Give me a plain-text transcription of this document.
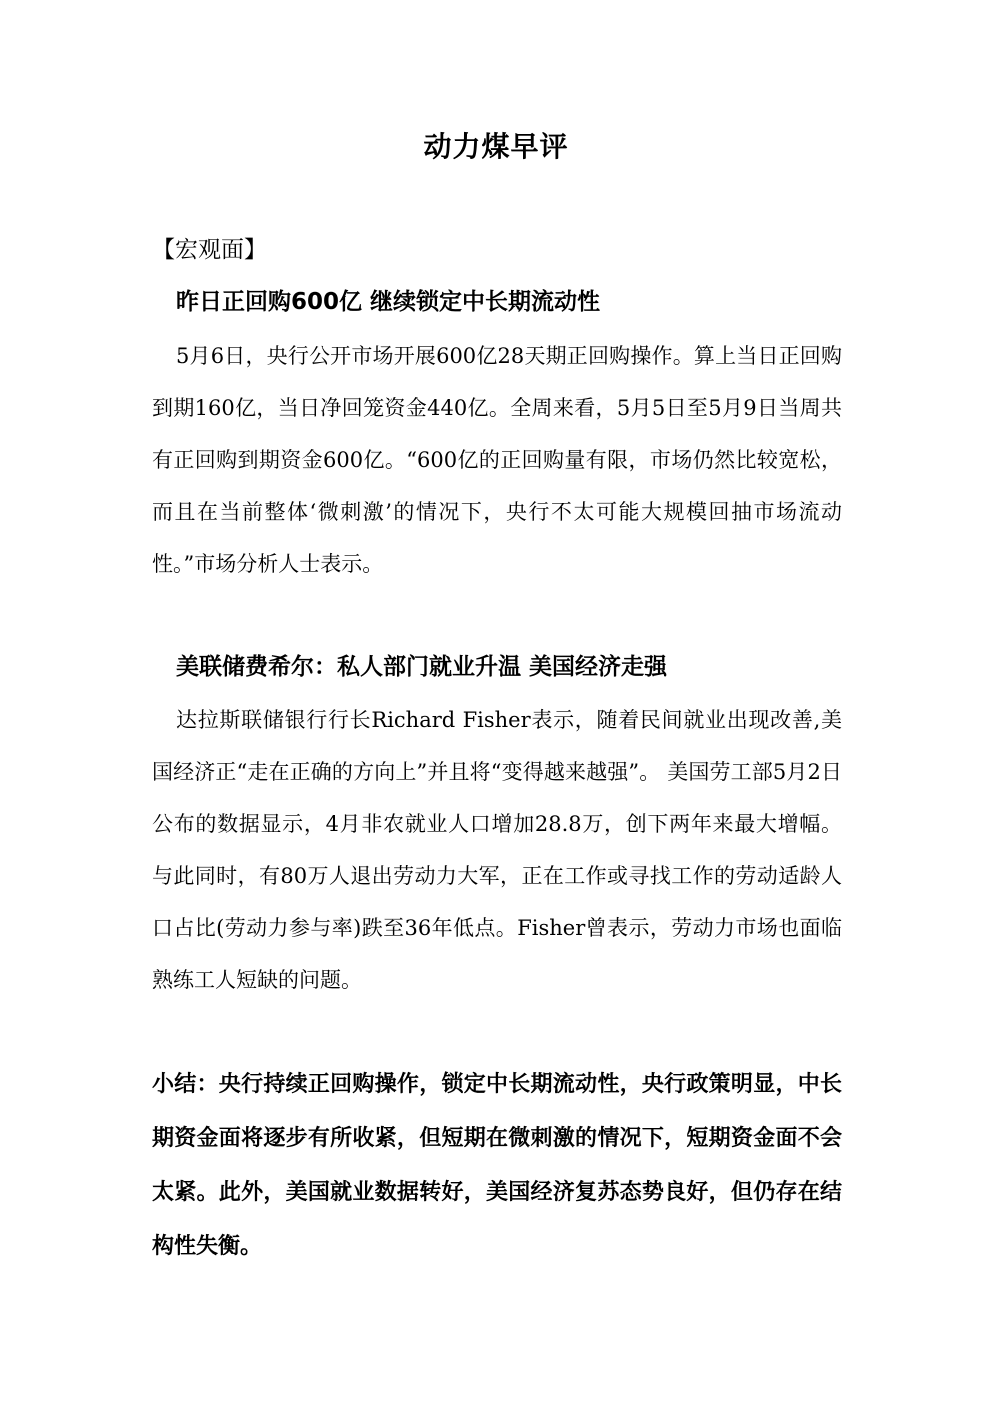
动力煤早评
【宏观面】
昨日正回购600亿 继续锁定中长期流动性

5月6日，央行公开市场开展600亿28天期正回购操作。算上当日正回购到期160亿，当日净回笼资金440亿。全周来看，5月5日至5月9日当周共有正回购到期资金600亿。“600亿的正回购量有限，市场仍然比较宽松，而且在当前整体‘微刺激’的情况下，央行不太可能大规模回抽市场流动性。”市场分析人士表示。

美联储费希尔：私人部门就业升温 美国经济走强

达拉斯联储银行行长Richard Fisher表示，随着民间就业出现改善,美国经济正“走在正确的方向上”并且将“变得越来越强”。 美国劳工部5月2日公布的数据显示，4月非农就业人口增加28.8万，创下两年来最大增幅。与此同时，有80万人退出劳动力大军，正在工作或寻找工作的劳动适龄人口占比(劳动力参与率)跌至36年低点。Fisher曾表示，劳动力市场也面临熟练工人短缺的问题。

小结：央行持续正回购操作，锁定中长期流动性，央行政策明显，中长期资金面将逐步有所收紧，但短期在微刺激的情况下，短期资金面不会太紧。此外，美国就业数据转好，美国经济复苏态势良好，但仍存在结构性失衡。
